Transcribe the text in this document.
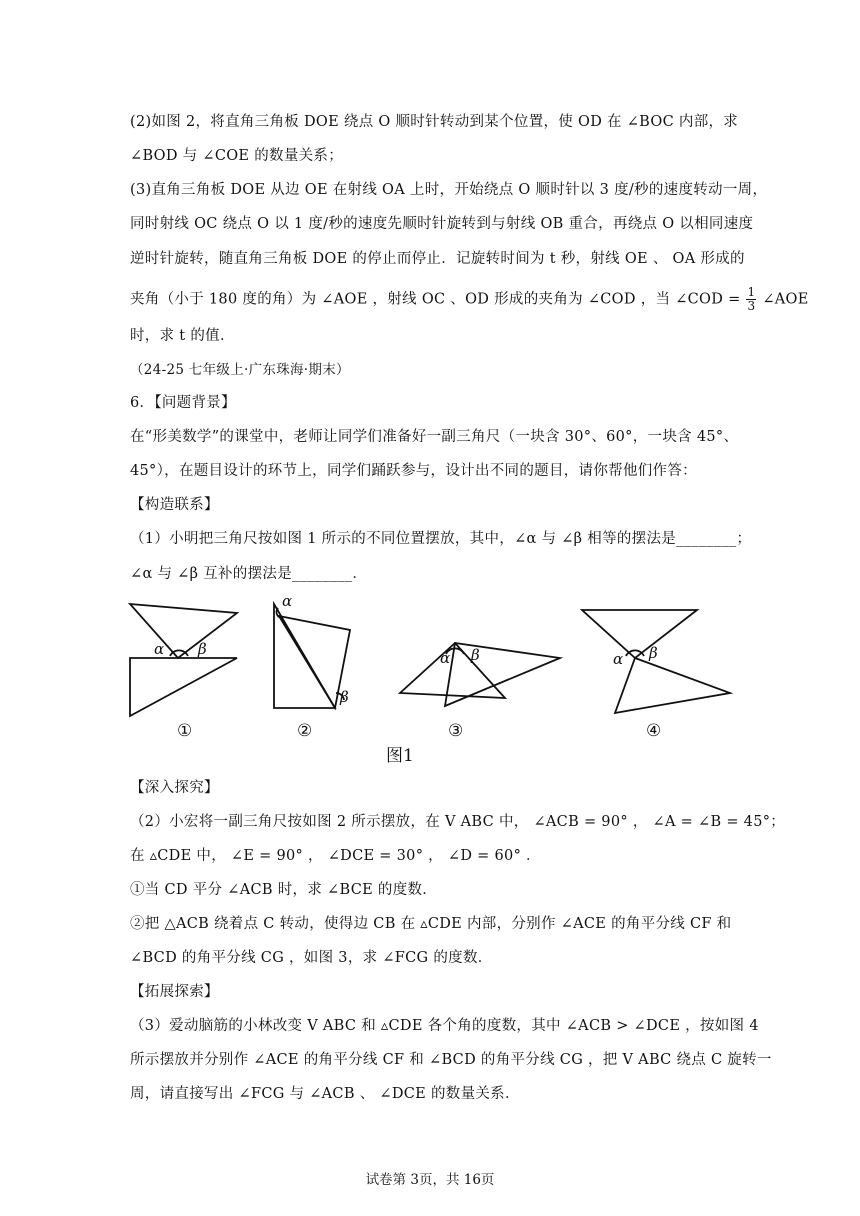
(2)如图 2，将直角三角板 DOE 绕点 O 顺时针转动到某个位置，使 OD 在 ∠BOC 内部，求
∠BOD 与 ∠COE 的数量关系；
(3)直角三角板 DOE 从边 OE 在射线 OA 上时，开始绕点 O 顺时针以 3 度/秒的速度转动一周，
同时射线 OC 绕点 O 以 1 度/秒的速度先顺时针旋转到与射线 OB 重合，再绕点 O 以相同速度
逆时针旋转，随直角三角板 DOE 的停止而停止．记旋转时间为 t 秒，射线 OE 、 OA 形成的
夹角（小于 180 度的角）为 ∠AOE ，射线 OC 、OD 形成的夹角为 ∠COD ，当 ∠COD = $\frac{1}{3}$ ∠AOE
时，求 t 的值．
（24-25 七年级上·广东珠海·期末）
6．【问题背景】
在“形美数学”的课堂中，老师让同学们准备好一副三角尺（一块含 30°、60°，一块含 45°、
45°），在题目设计的环节上，同学们踊跃参与，设计出不同的题目，请你帮他们作答：
【构造联系】
（1）小明把三角尺按如图 1 所示的不同位置摆放，其中，∠α 与 ∠β 相等的摆法是________；
∠α 与 ∠β 互补的摆法是________．
α β
α
β
α β	α β
①	②	③	④
图1
【深入探究】
（2）小宏将一副三角尺按如图 2 所示摆放，在 V ABC 中， ∠ACB = 90° ， ∠A = ∠B = 45°；
在 ▵CDE 中， ∠E = 90° ， ∠DCE = 30° ， ∠D = 60° ．
①当 CD 平分 ∠ACB 时，求 ∠BCE 的度数．
②把 △ACB 绕着点 C 转动，使得边 CB 在 ▵CDE 内部，分别作 ∠ACE 的角平分线 CF 和
∠BCD 的角平分线 CG ，如图 3，求 ∠FCG 的度数．
【拓展探索】
（3）爱动脑筋的小林改变 V ABC 和 ▵CDE 各个角的度数，其中 ∠ACB > ∠DCE ，按如图 4
所示摆放并分别作 ∠ACE 的角平分线 CF 和 ∠BCD 的角平分线 CG ，把 V ABC 绕点 C 旋转一
周，请直接写出 ∠FCG 与 ∠ACB 、 ∠DCE 的数量关系．
试卷第 3页，共 16页
